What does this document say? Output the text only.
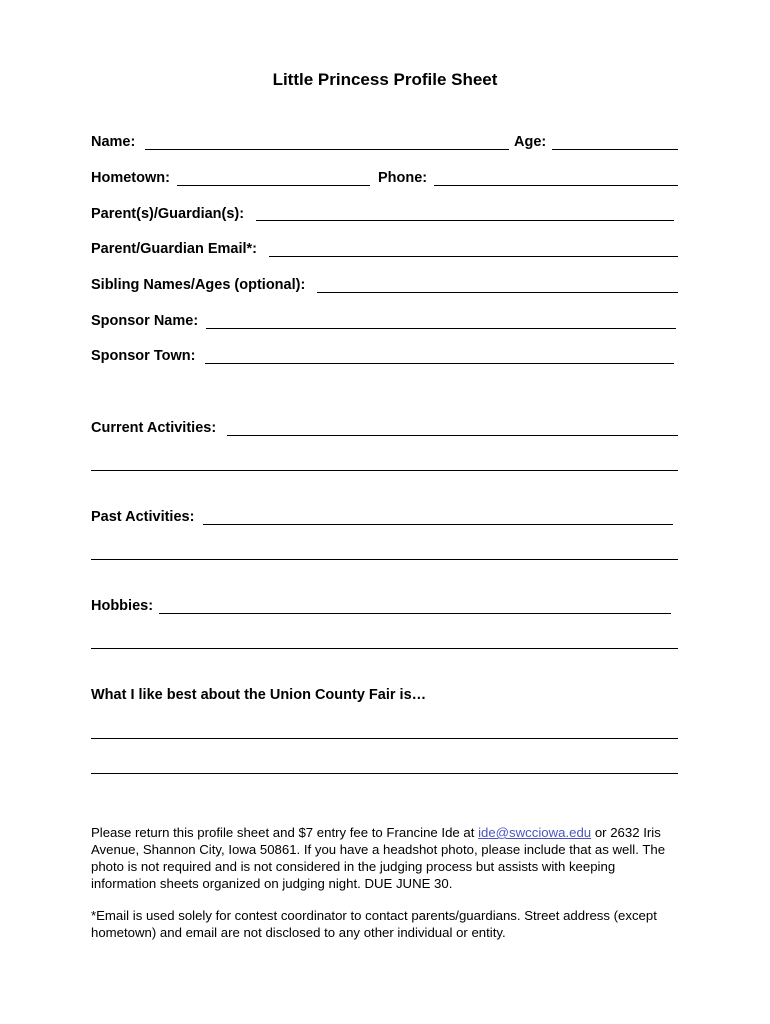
Little Princess Profile Sheet
Name:	Age:
Hometown:	Phone:
Parent(s)/Guardian(s):
Parent/Guardian Email*:
Sibling Names/Ages (optional):
Sponsor Name:
Sponsor Town:
Current Activities:
Past Activities:
Hobbies:
What I like best about the Union County Fair is…

Please return this profile sheet and $7 entry fee to Francine Ide at ide@swcciowa.edu or 2632 Iris Avenue, Shannon City, Iowa 50861. If you have a headshot photo, please include that as well. The photo is not required and is not considered in the judging process but assists with keeping information sheets organized on judging night. DUE JUNE 30.

*Email is used solely for contest coordinator to contact parents/guardians. Street address (except hometown) and email are not disclosed to any other individual or entity.
